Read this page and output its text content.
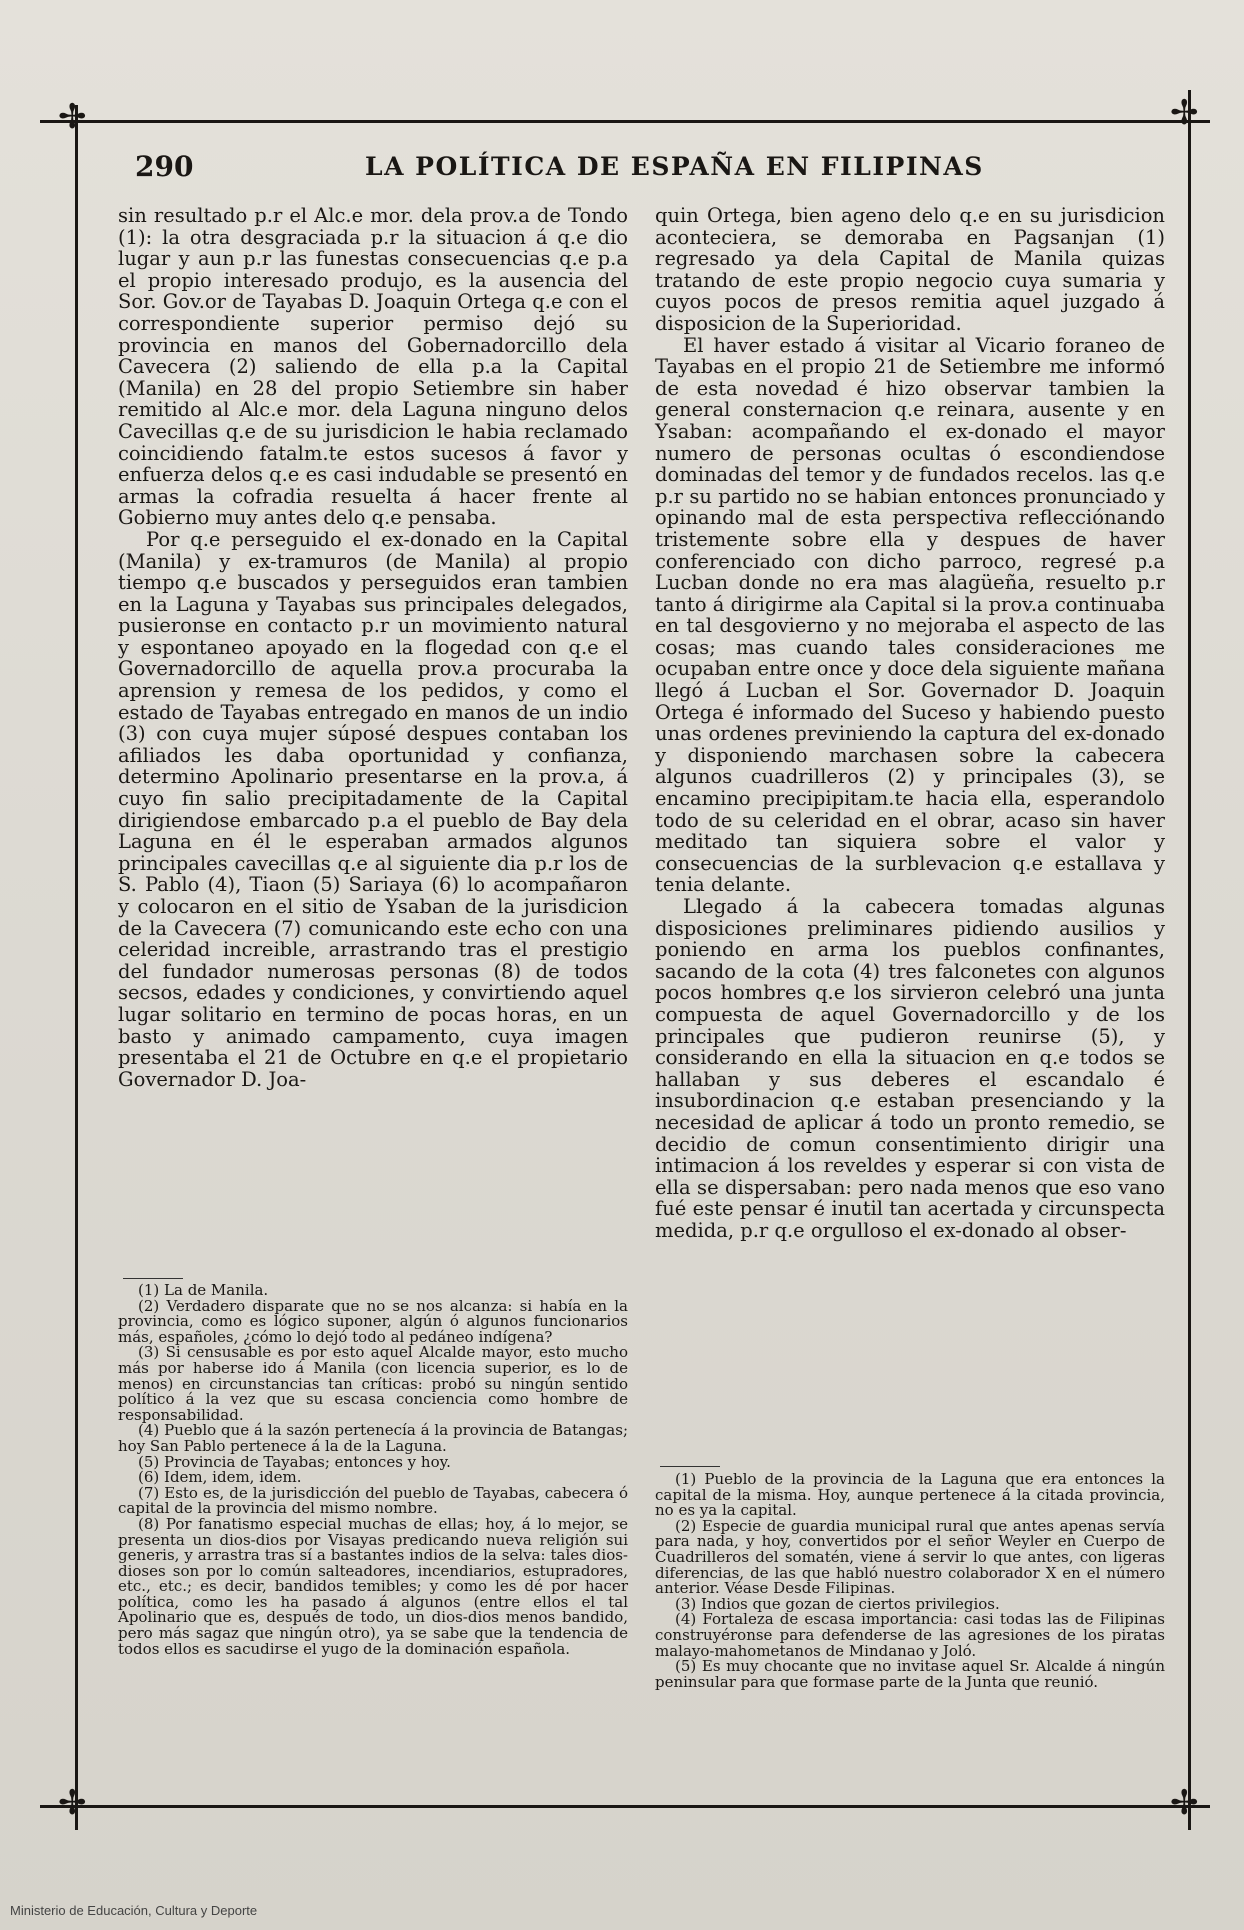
✢	✢
✢	✢
290	LA POLÍTICA DE ESPAÑA EN FILIPINAS

sin resultado p.r el Alc.e mor. dela prov.a de Tondo (1): la otra desgraciada p.r la situacion á q.e dio lugar y aun p.r las funestas consecuencias q.e p.a el propio interesado produjo, es la ausencia del Sor. Gov.or de Tayabas D. Joaquin Ortega q.e con el correspondiente superior permiso dejó su provincia en manos del Gobernadorcillo dela Cavecera (2) saliendo de ella p.a la Capital (Manila) en 28 del propio Setiembre sin haber remitido al Alc.e mor. dela Laguna ninguno delos Cavecillas q.e de su jurisdicion le habia reclamado coincidiendo fatalm.te estos sucesos á favor y enfuerza delos q.e es casi indudable se presentó en armas la cofradia resuelta á hacer frente al Gobierno muy antes delo q.e pensaba.

Por q.e perseguido el ex-donado en la Capital (Manila) y ex-tramuros (de Manila) al propio tiempo q.e buscados y perseguidos eran tambien en la Laguna y Tayabas sus principales delegados, pusieronse en contacto p.r un movimiento natural y espontaneo apoyado en la flogedad con q.e el Governadorcillo de aquella prov.a procuraba la aprension y remesa de los pedidos, y como el estado de Tayabas entregado en manos de un indio (3) con cuya mujer súposé despues contaban los afiliados les daba oportunidad y confianza, determino Apolinario presentarse en la prov.a, á cuyo fin salio precipitadamente de la Capital dirigiendose embarcado p.a el pueblo de Bay dela Laguna en él le esperaban armados algunos principales cavecillas q.e al siguiente dia p.r los de S. Pablo (4), Tiaon (5) Sariaya (6) lo acompañaron y colocaron en el sitio de Ysaban de la jurisdicion de la Cavecera (7) comunicando este echo con una celeridad increible, arrastrando tras el prestigio del fundador numerosas personas (8) de todos secsos, edades y condiciones, y convirtiendo aquel lugar solitario en termino de pocas horas, en un basto y animado campamento, cuya imagen presentaba el 21 de Octubre en q.e el propietario Governador D. Joa-

quin Ortega, bien ageno delo q.e en su jurisdicion aconteciera, se demoraba en Pagsanjan (1) regresado ya dela Capital de Manila quizas tratando de este propio negocio cuya sumaria y cuyos pocos de presos remitia aquel juzgado á disposicion de la Superioridad.

El haver estado á visitar al Vicario foraneo de Tayabas en el propio 21 de Setiembre me informó de esta novedad é hizo observar tambien la general consternacion q.e reinara, ausente y en Ysaban: acompañando el ex-donado el mayor numero de personas ocultas ó escondiendose dominadas del temor y de fundados recelos. las q.e p.r su partido no se habian entonces pronunciado y opinando mal de esta perspectiva reflecciónando tristemente sobre ella y despues de haver conferenciado con dicho parroco, regresé p.a Lucban donde no era mas alagüeña, resuelto p.r tanto á dirigirme ala Capital si la prov.a continuaba en tal desgovierno y no mejoraba el aspecto de las cosas; mas cuando tales consideraciones me ocupaban entre once y doce dela siguiente mañana llegó á Lucban el Sor. Governador D. Joaquin Ortega é informado del Suceso y habiendo puesto unas ordenes previniendo la captura del ex-donado y disponiendo marchasen sobre la cabecera algunos cuadrilleros (2) y principales (3), se encamino precipipitam.te hacia ella, esperandolo todo de su celeridad en el obrar, acaso sin haver meditado tan siquiera sobre el valor y consecuencias de la surblevacion q.e estallava y tenia delante.

Llegado á la cabecera tomadas algunas disposiciones preliminares pidiendo ausilios y poniendo en arma los pueblos confinantes, sacando de la cota (4) tres falconetes con algunos pocos hombres q.e los sirvieron celebró una junta compuesta de aquel Governadorcillo y de los principales que pudieron reunirse (5), y considerando en ella la situacion en q.e todos se hallaban y sus deberes el escandalo é insubordinacion q.e estaban presenciando y la necesidad de aplicar á todo un pronto remedio, se decidio de comun consentimiento dirigir una intimacion á los reveldes y esperar si con vista de ella se dispersaban: pero nada menos que eso vano fué este pensar é inutil tan acertada y circunspecta medida, p.r q.e orgulloso el ex-donado al obser-

(1) La de Manila.

(2) Verdadero disparate que no se nos alcanza: si había en la provincia, como es lógico suponer, algún ó algunos funcionarios más, españoles, ¿cómo lo dejó todo al pedáneo indígena?

(3) Si censusable es por esto aquel Alcalde mayor, esto mucho más por haberse ido á Manila (con licencia superior, es lo de menos) en circunstancias tan críticas: probó su ningún sentido político á la vez que su escasa conciencia como hombre de responsabilidad.

(4) Pueblo que á la sazón pertenecía á la provincia de Batangas; hoy San Pablo pertenece á la de la Laguna.

(5) Provincia de Tayabas; entonces y hoy.

(6) Idem, idem, idem.

(7) Esto es, de la jurisdicción del pueblo de Tayabas, cabecera ó capital de la provincia del mismo nombre.

(8) Por fanatismo especial muchas de ellas; hoy, á lo mejor, se presenta un dios-dios por Visayas predicando nueva religión sui generis, y arrastra tras sí a bastantes indios de la selva: tales dios-dioses son por lo común salteadores, incendiarios, estupradores, etc., etc.; es decir, bandidos temibles; y como les dé por hacer política, como les ha pasado á algunos (entre ellos el tal Apolinario que es, después de todo, un dios-dios menos bandido, pero más sagaz que ningún otro), ya se sabe que la tendencia de todos ellos es sacudirse el yugo de la dominación española.

(1) Pueblo de la provincia de la Laguna que era entonces la capital de la misma. Hoy, aunque pertenece á la citada provincia, no es ya la capital.

(2) Especie de guardia municipal rural que antes apenas servía para nada, y hoy, convertidos por el señor Weyler en Cuerpo de Cuadrilleros del somatén, viene á servir lo que antes, con ligeras diferencias, de las que habló nuestro colaborador X en el número anterior. Véase Desde Filipinas.

(3) Indios que gozan de ciertos privilegios.

(4) Fortaleza de escasa importancia: casi todas las de Filipinas construyéronse para defenderse de las agresiones de los piratas malayo-mahometanos de Mindanao y Joló.

(5) Es muy chocante que no invitase aquel Sr. Alcalde á ningún peninsular para que formase parte de la Junta que reunió.

Ministerio de Educación, Cultura y Deporte
